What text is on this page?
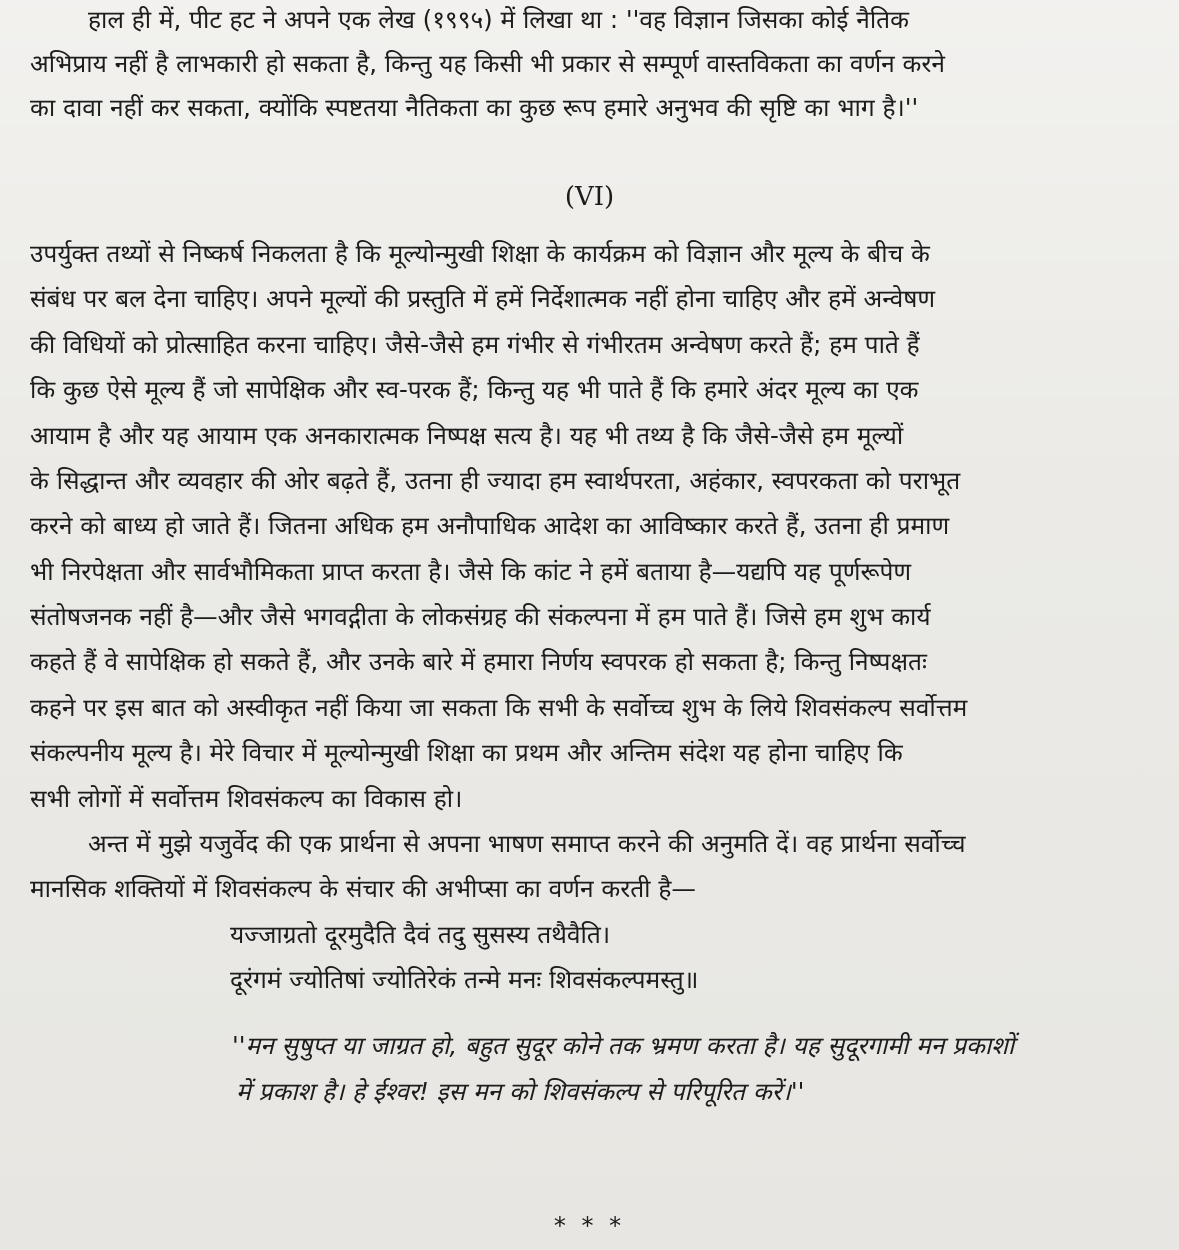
हाल ही में, पीट हट ने अपने एक लेख (१९९५) में लिखा था : ''वह विज्ञान जिसका कोई नैतिक
अभिप्राय नहीं है लाभकारी हो सकता है, किन्तु यह किसी भी प्रकार से सम्पूर्ण वास्तविकता का वर्णन करने
का दावा नहीं कर सकता, क्योंकि स्पष्टतया नैतिकता का कुछ रूप हमारे अनुभव की सृष्टि का भाग है।''
(VI)
उपर्युक्त तथ्यों से निष्कर्ष निकलता है कि मूल्योन्मुखी शिक्षा के कार्यक्रम को विज्ञान और मूल्य के बीच के
संबंध पर बल देना चाहिए। अपने मूल्यों की प्रस्तुति में हमें निर्देशात्मक नहीं होना चाहिए और हमें अन्वेषण
की विधियों को प्रोत्साहित करना चाहिए। जैसे-जैसे हम गंभीर से गंभीरतम अन्वेषण करते हैं; हम पाते हैं
कि कुछ ऐसे मूल्य हैं जो सापेक्षिक और स्व-परक हैं; किन्तु यह भी पाते हैं कि हमारे अंदर मूल्य का एक
आयाम है और यह आयाम एक अनकारात्मक निष्पक्ष सत्य है। यह भी तथ्य है कि जैसे-जैसे हम मूल्यों
के सिद्धान्त और व्यवहार की ओर बढ़ते हैं, उतना ही ज्यादा हम स्वार्थपरता, अहंकार, स्वपरकता को पराभूत
करने को बाध्य हो जाते हैं। जितना अधिक हम अनौपाधिक आदेश का आविष्कार करते हैं, उतना ही प्रमाण
भी निरपेक्षता और सार्वभौमिकता प्राप्त करता है। जैसे कि कांट ने हमें बताया है—यद्यपि यह पूर्णरूपेण
संतोषजनक नहीं है—और जैसे भगवद्गीता के लोकसंग्रह की संकल्पना में हम पाते हैं। जिसे हम शुभ कार्य
कहते हैं वे सापेक्षिक हो सकते हैं, और उनके बारे में हमारा निर्णय स्वपरक हो सकता है; किन्तु निष्पक्षतः
कहने पर इस बात को अस्वीकृत नहीं किया जा सकता कि सभी के सर्वोच्च शुभ के लिये शिवसंकल्प सर्वोत्तम
संकल्पनीय मूल्य है। मेरे विचार में मूल्योन्मुखी शिक्षा का प्रथम और अन्तिम संदेश यह होना चाहिए कि
सभी लोगों में सर्वोत्तम शिवसंकल्प का विकास हो।
अन्त में मुझे यजुर्वेद की एक प्रार्थना से अपना भाषण समाप्त करने की अनुमति दें। वह प्रार्थना सर्वोच्च
मानसिक शक्तियों में शिवसंकल्प के संचार की अभीप्सा का वर्णन करती है—
यज्जाग्रतो दूरमुदैति दैवं तदु सुसस्य तथैवैति।
दूरंगमं ज्योतिषां ज्योतिरेकं तन्मे मनः शिवसंकल्पमस्तु॥
''मन सुषुप्त या जाग्रत हो, बहुत सुदूर कोने तक भ्रमण करता है। यह सुदूरगामी मन प्रकाशों
में प्रकाश है। हे ईश्वर! इस मन को शिवसंकल्प से परिपूरित करें।''
* * *
